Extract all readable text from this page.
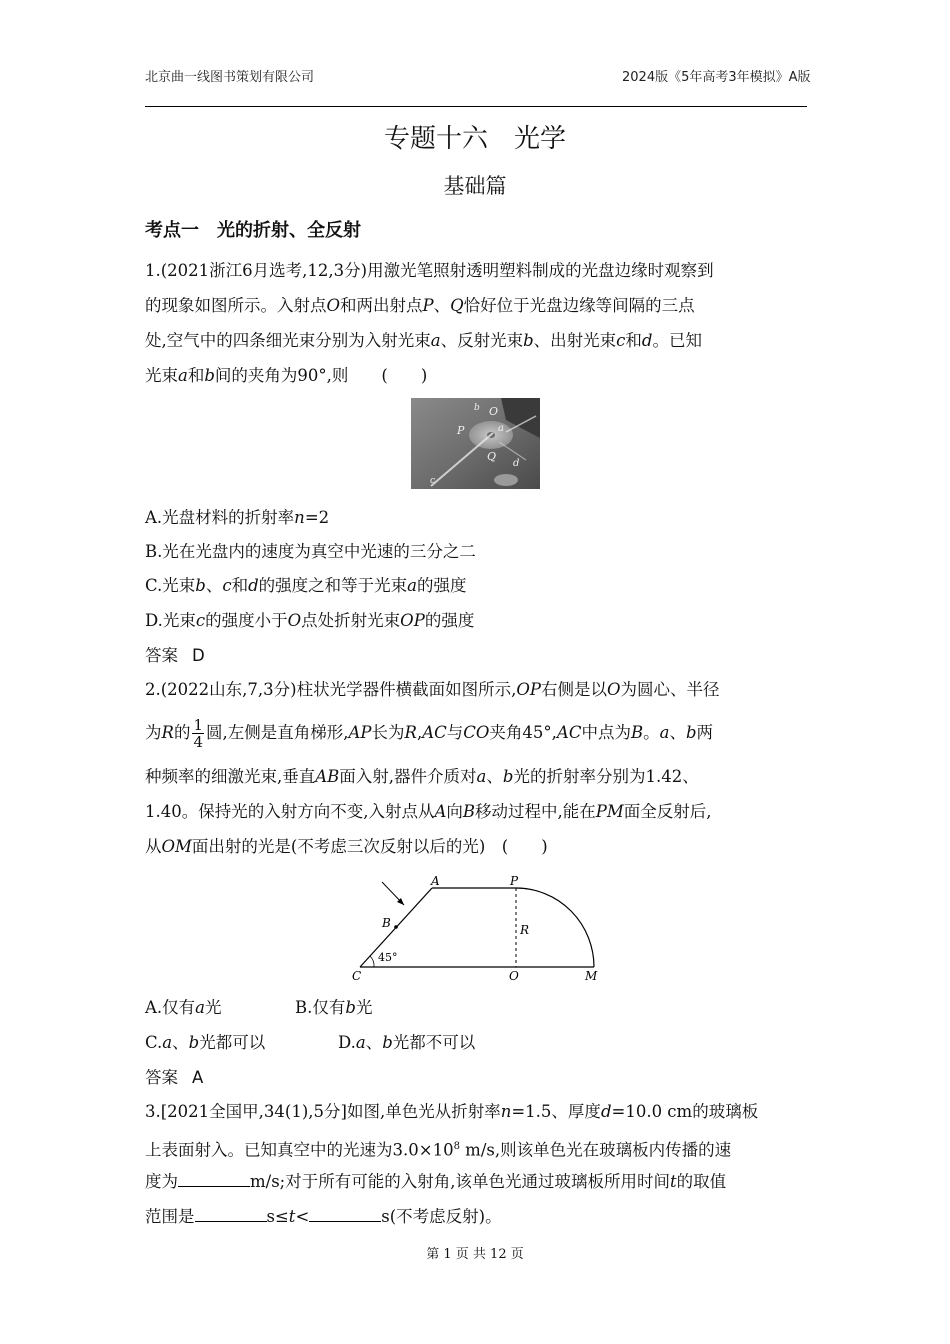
北京曲一线图书策划有限公司	2024版《5年高考3年模拟》A版
专题十六　光学
基础篇
考点一　光的折射、全反射
1.(2021浙江6月选考,12,3分)用激光笔照射透明塑料制成的光盘边缘时观察到
的现象如图所示。入射点O和两出射点P、Q恰好位于光盘边缘等间隔的三点
处,空气中的四条细光束分别为入射光束a、反射光束b、出射光束c和d。已知
光束a和b间的夹角为90°,则　　(　　)
b O
P	a
Q
d
c
A.光盘材料的折射率n=2
B.光在光盘内的速度为真空中光速的三分之二
C.光束b、c和d的强度之和等于光束a的强度
D.光束c的强度小于O点处折射光束OP的强度
答案 D
2.(2022山东,7,3分)柱状光学器件横截面如图所示,OP右侧是以O为圆心、半径
为R的 $\frac{1}{4}$ 圆,左侧是直角梯形,AP长为R,AC与CO夹角45°,AC中点为B。a、b两
种频率的细激光束,垂直AB面入射,器件介质对a、b光的折射率分别为1.42、
1.40。保持光的入射方向不变,入射点从A向B移动过程中,能在PM面全反射后,
从OM面出射的光是(不考虑三次反射以后的光)　(　　)
A	P
B	R
45°
C	O	M
A.仅有a光	B.仅有b光
C.a、b光都可以	D.a、b光都不可以
答案 A
3.[2021全国甲,34(1),5分]如图,单色光从折射率n=1.5、厚度d=10.0 cm的玻璃板
上表面射入。已知真空中的光速为$3.0\times 10^8$ m/s,则该单色光在玻璃板内传播的速
度为	m/s;对于所有可能的入射角,该单色光通过玻璃板所用时间t的取值
范围是	s≤t<	s(不考虑反射)。
第 1 页 共 12 页
